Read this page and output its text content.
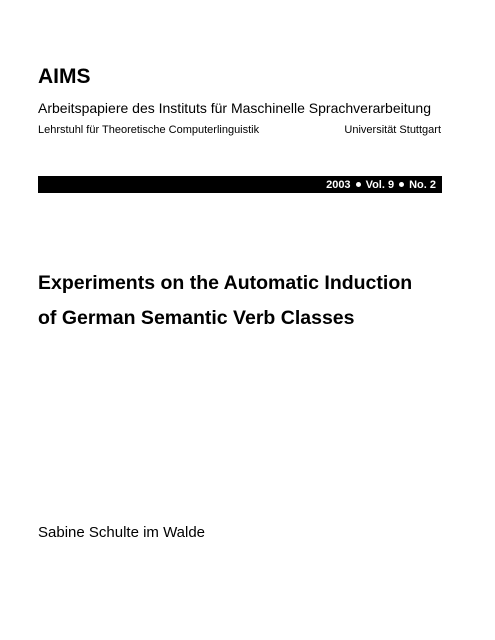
AIMS
Arbeitspapiere des Instituts für Maschinelle Sprachverarbeitung
Lehrstuhl für Theoretische Computerlinguistik	Universität Stuttgart
2003 Vol. 9 No. 2
Experiments on the Automatic Induction
of German Semantic Verb Classes
Sabine Schulte im Walde
